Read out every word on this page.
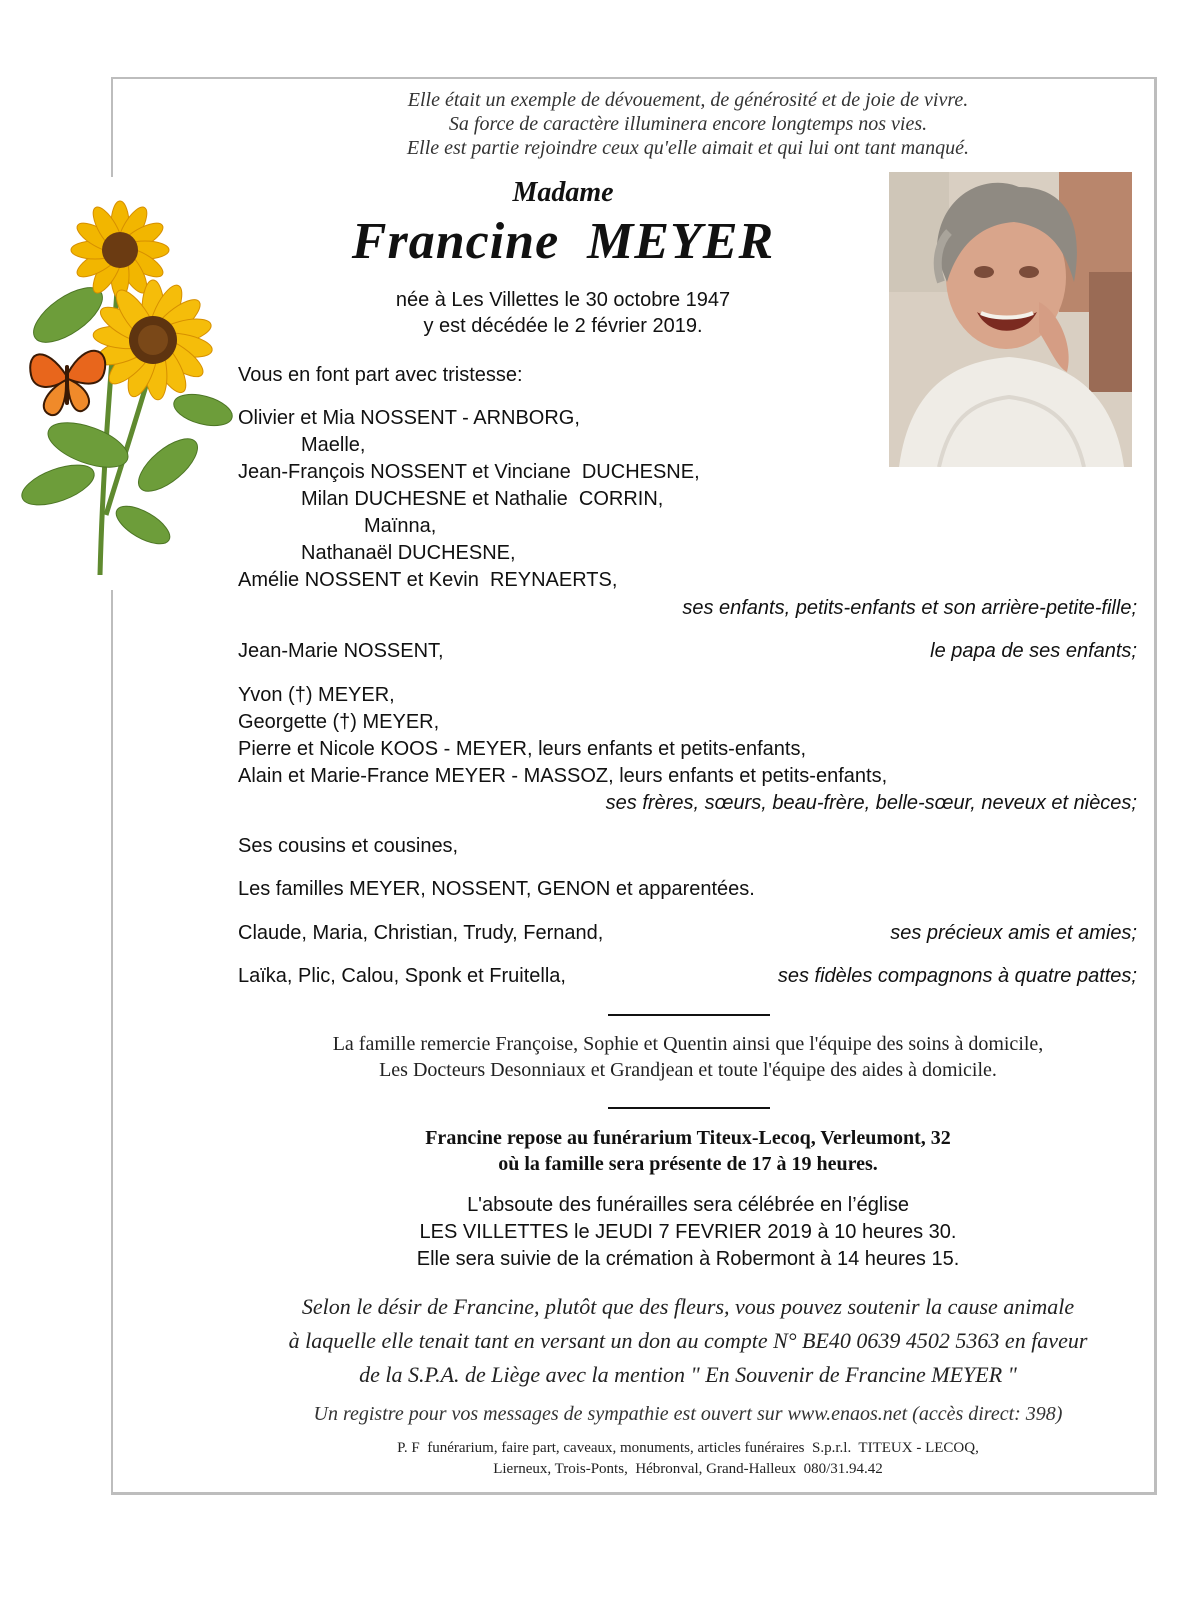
Elle était un exemple de dévouement, de générosité et de joie de vivre.
Sa force de caractère illuminera encore longtemps nos vies.
Elle est partie rejoindre ceux qu'elle aimait et qui lui ont tant manqué.
Madame
Francine  MEYER
née à Les Villettes le 30 octobre 1947
y est décédée le 2 février 2019.
Vous en font part avec tristesse:
Olivier et Mia NOSSENT - ARNBORG,
Maelle,
Jean-François NOSSENT et Vinciane  DUCHESNE,
Milan DUCHESNE et Nathalie  CORRIN,
Maïnna,
Nathanaël DUCHESNE,
Amélie NOSSENT et Kevin  REYNAERTS,
ses enfants, petits-enfants et son arrière-petite-fille;
Jean-Marie NOSSENT,	le papa de ses enfants;
Yvon (†) MEYER,
Georgette (†) MEYER,
Pierre et Nicole KOOS - MEYER, leurs enfants et petits-enfants,
Alain et Marie-France MEYER - MASSOZ, leurs enfants et petits-enfants,
ses frères, sœurs, beau-frère, belle-sœur, neveux et nièces;
Ses cousins et cousines,
Les familles MEYER, NOSSENT, GENON et apparentées.
Claude, Maria, Christian, Trudy, Fernand,	ses précieux amis et amies;
Laïka, Plic, Calou, Sponk et Fruitella,	ses fidèles compagnons à quatre pattes;
La famille remercie Françoise, Sophie et Quentin ainsi que l'équipe des soins à domicile,
Les Docteurs Desonniaux et Grandjean et toute l'équipe des aides à domicile.
Francine repose au funérarium Titeux-Lecoq, Verleumont, 32
où la famille sera présente de 17 à 19 heures.
L'absoute des funérailles sera célébrée en l’église
LES VILLETTES le JEUDI 7 FEVRIER 2019 à 10 heures 30.
Elle sera suivie de la crémation à Robermont à 14 heures 15.
Selon le désir de Francine, plutôt que des fleurs, vous pouvez soutenir la cause animale
à laquelle elle tenait tant en versant un don au compte N° BE40 0639 4502 5363 en faveur
de la S.P.A. de Liège avec la mention " En Souvenir de Francine MEYER "
Un registre pour vos messages de sympathie est ouvert sur www.enaos.net (accès direct: 398)
P. F  funérarium, faire part, caveaux, monuments, articles funéraires  S.p.r.l.  TITEUX - LECOQ,
Lierneux, Trois-Ponts,  Hébronval, Grand-Halleux  080/31.94.42
